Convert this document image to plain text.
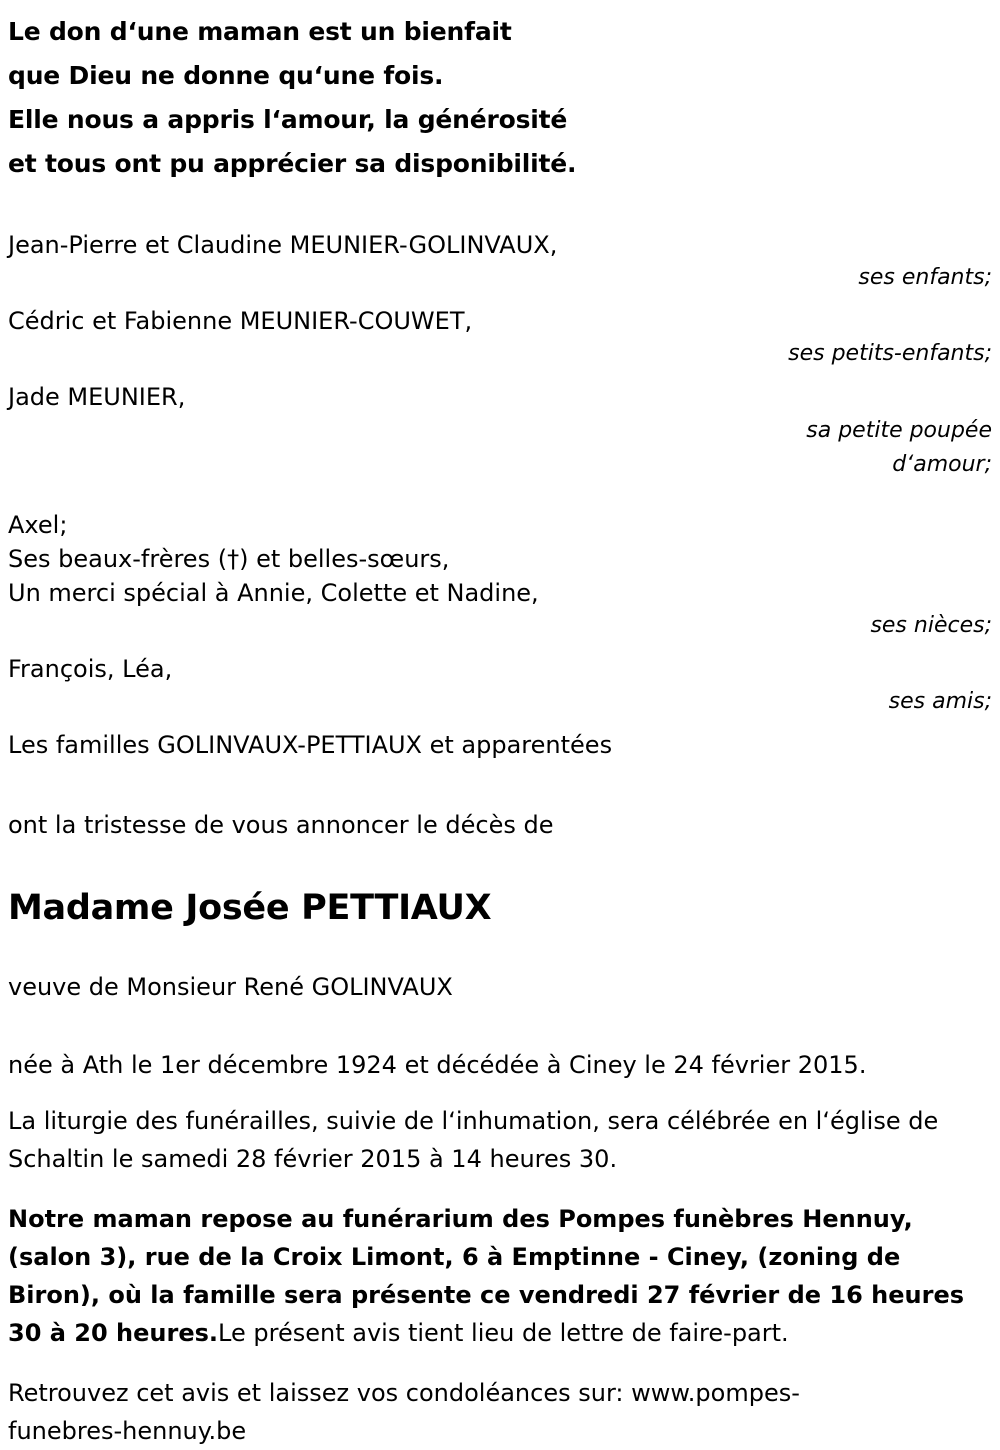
Le don d‘une maman est un bienfait
que Dieu ne donne qu‘une fois.
Elle nous a appris l‘amour, la générosité
et tous ont pu apprécier sa disponibilité.
Jean-Pierre et Claudine MEUNIER-GOLINVAUX,
ses enfants;
Cédric et Fabienne MEUNIER-COUWET,
ses petits-enfants;
Jade MEUNIER,
sa petite poupée
d‘amour;
Axel;
Ses beaux-frères (†) et belles-sœurs,
Un merci spécial à Annie, Colette et Nadine,
ses nièces;
François, Léa,
ses amis;
Les familles GOLINVAUX-PETTIAUX et apparentées
ont la tristesse de vous annoncer le décès de
Madame Josée PETTIAUX
veuve de Monsieur René GOLINVAUX
née à Ath le 1er décembre 1924 et décédée à Ciney le 24 février 2015.
La liturgie des funérailles, suivie de l‘inhumation, sera célébrée en l‘église de Schaltin le samedi 28 février 2015 à 14 heures 30.
Notre maman repose au funérarium des Pompes funèbres Hennuy, (salon 3), rue de la Croix Limont, 6 à Emptinne - Ciney, (zoning de Biron), où la famille sera présente ce vendredi 27 février de 16 heures 30 à 20 heures.Le présent avis tient lieu de lettre de faire-part.
Retrouvez cet avis et laissez vos condoléances sur: www.pompes-funebres-hennuy.be
